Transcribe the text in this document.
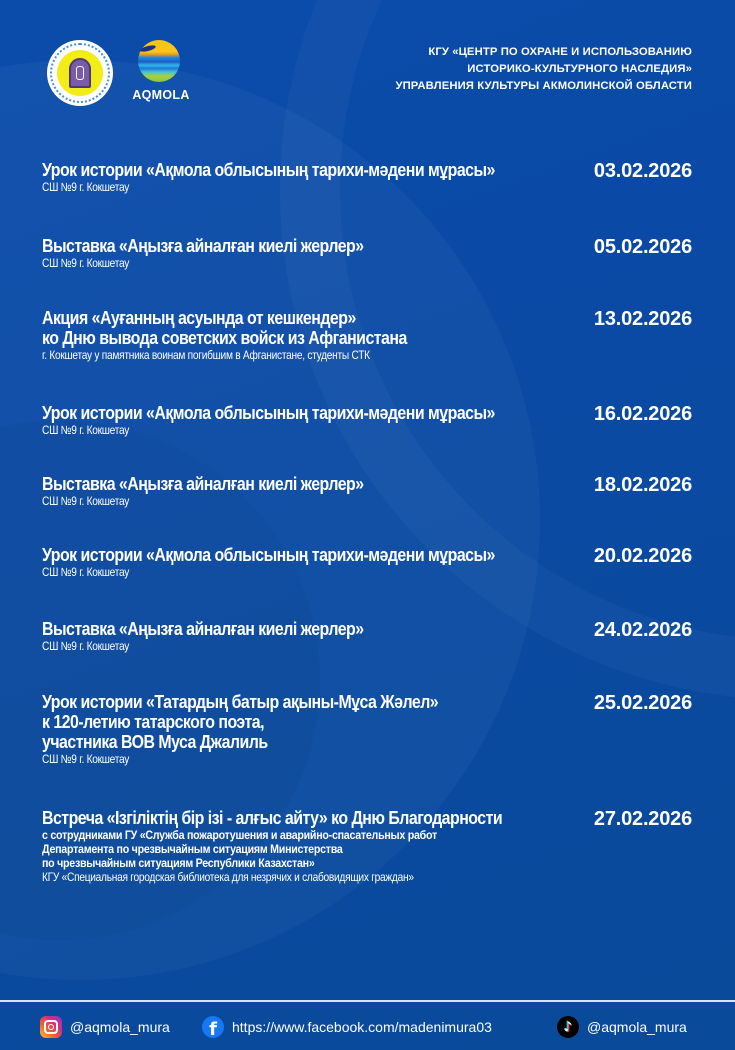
AQMOLA
КГУ «ЦЕНТР ПО ОХРАНЕ И ИСПОЛЬЗОВАНИЮ
ИСТОРИКО-КУЛЬТУРНОГО НАСЛЕДИЯ»
УПРАВЛЕНИЯ КУЛЬТУРЫ АКМОЛИНСКОЙ ОБЛАСТИ
Урок истории «Ақмола облысының тарихи-мәдени мұрасы»
СШ №9 г. Кокшетау
03.02.2026
Выставка «Аңызға айналған киелі жерлер»
СШ №9 г. Кокшетау
05.02.2026
Акция «Ауғанның асуында от кешкендер»
ко Дню вывода советских войск из Афганистана
г. Кокшетау у памятника воинам погибшим в Афганистане, студенты СТК
13.02.2026
Урок истории «Ақмола облысының тарихи-мәдени мұрасы»
СШ №9 г. Кокшетау
16.02.2026
Выставка «Аңызға айналған киелі жерлер»
СШ №9 г. Кокшетау
18.02.2026
Урок истории «Ақмола облысының тарихи-мәдени мұрасы»
СШ №9 г. Кокшетау
20.02.2026
Выставка «Аңызға айналған киелі жерлер»
СШ №9 г. Кокшетау
24.02.2026
Урок истории «Татардың батыр ақыны-Мұса Жәлел»
к 120-летию татарского поэта,
участника ВОВ Муса Джалиль
СШ №9 г. Кокшетау
25.02.2026
Встреча «Ізгіліктің бір ізі - алғыс айту» ко Дню Благодарности
с сотрудниками ГУ «Служба пожаротушения и аварийно-спасательных работ
Департамента по чрезвычайным ситуациям Министерства
по чрезвычайным ситуациям Республики Казахстан»
КГУ «Специальная городская библиотека для незрячих и слабовидящих граждан»
27.02.2026
@aqmola_mura	f	https://www.facebook.com/madenimura03	♪	@aqmola_mura
